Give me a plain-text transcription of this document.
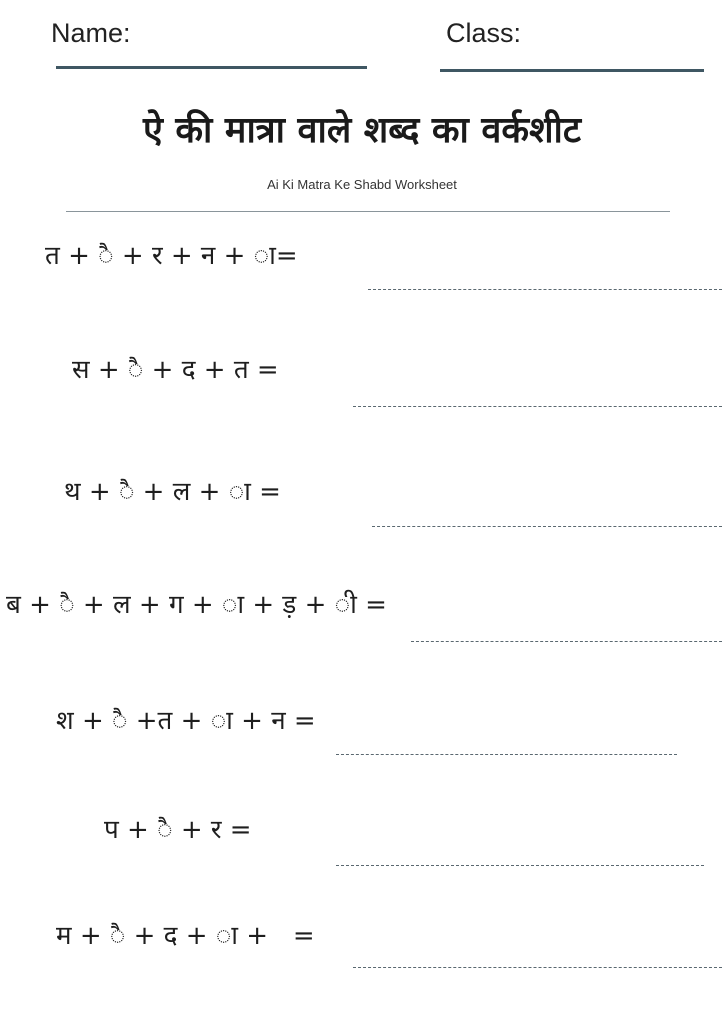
Name:	Class:
ऐ की मात्रा वाले शब्द का वर्कशीट
Ai Ki Matra Ke Shabd Worksheet
त + ◌ै + र + न + ◌ा=
स + ◌ै + द + त =
थ + ◌ै + ल + ◌ा =
ब + ◌ै + ल + ग + ◌ा + ड़ + ◌ी =
श + ◌ै +त + ◌ा + न =
प + ◌ै + र =
म + ◌ै + द + ◌ा +   =
